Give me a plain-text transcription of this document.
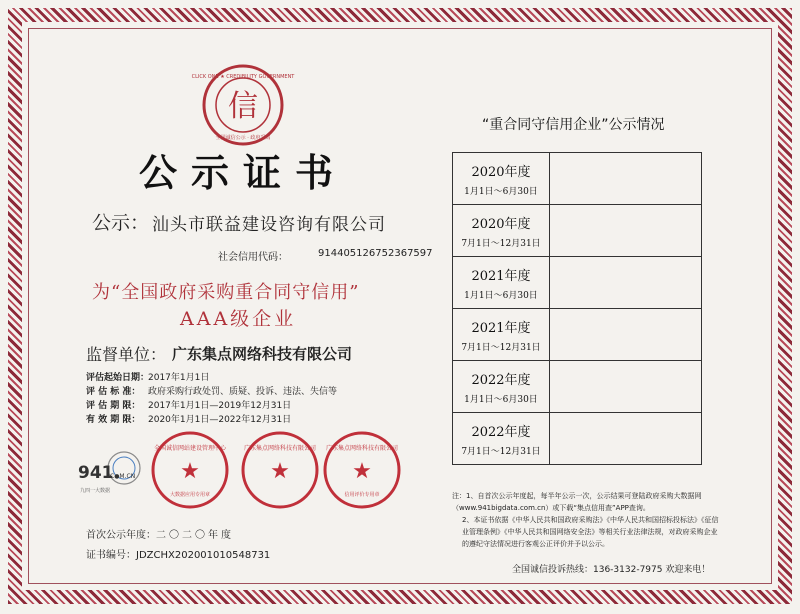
信
CLICK ONE ★ CREDIBILITY GOVERNMENT
全国诚信公示 · 政府采购
公示证书
公示： 汕头市联益建设咨询有限公司
社会信用代码：	91440512675236759​7
为“全国政府采购重合同守信用”
AAA级企业
监督单位： 广东集点网络科技有限公司
评估起始日期：2017年1月1日
评 估 标 准： 政府采购行政处罚、质疑、投诉、违法、失信等
评 估 期 限： 2017年1月1日—2019年12月31日
有 效 期 限： 2020年1月1日—2022年12月31日
941
C●M.CN
九四一大数据
★
全国诚信网站建设管理中心
大数据应用专用章
★
广东集点网络科技有限公司
★
广东集点网络科技有限公司
信用评价专用章
首次公示年度：二〇二〇年度
证书编号：JDZCHX2020010105487​31
“重合同守信用企业”公示情况
2020年度
1月1日～6月30日	

2020年度
7月1日～12月31日	

2021年度
1月1日～6月30日	

2021年度
7月1日～12月31日	

2022年度
1月1日～6月30日	

2022年度
7月1日～12月31日	

注：1、自首次公示年度起，每半年公示一次，公示结果可登陆政府采购大数据网（www.941bigdata.com.cn）或下载“集点信用查”APP查询。

2、本证书依据《中华人民共和国政府采购法》《中华人民共和国招标投标法》《征信业管理条例》《中华人民共和国网络安全法》等相关行业法律法规，对政府采购企业的遵纪守法情况进行客观公正评价并予以公示。

全国诚信投诉热线：136-3132-7975 欢迎来电！
